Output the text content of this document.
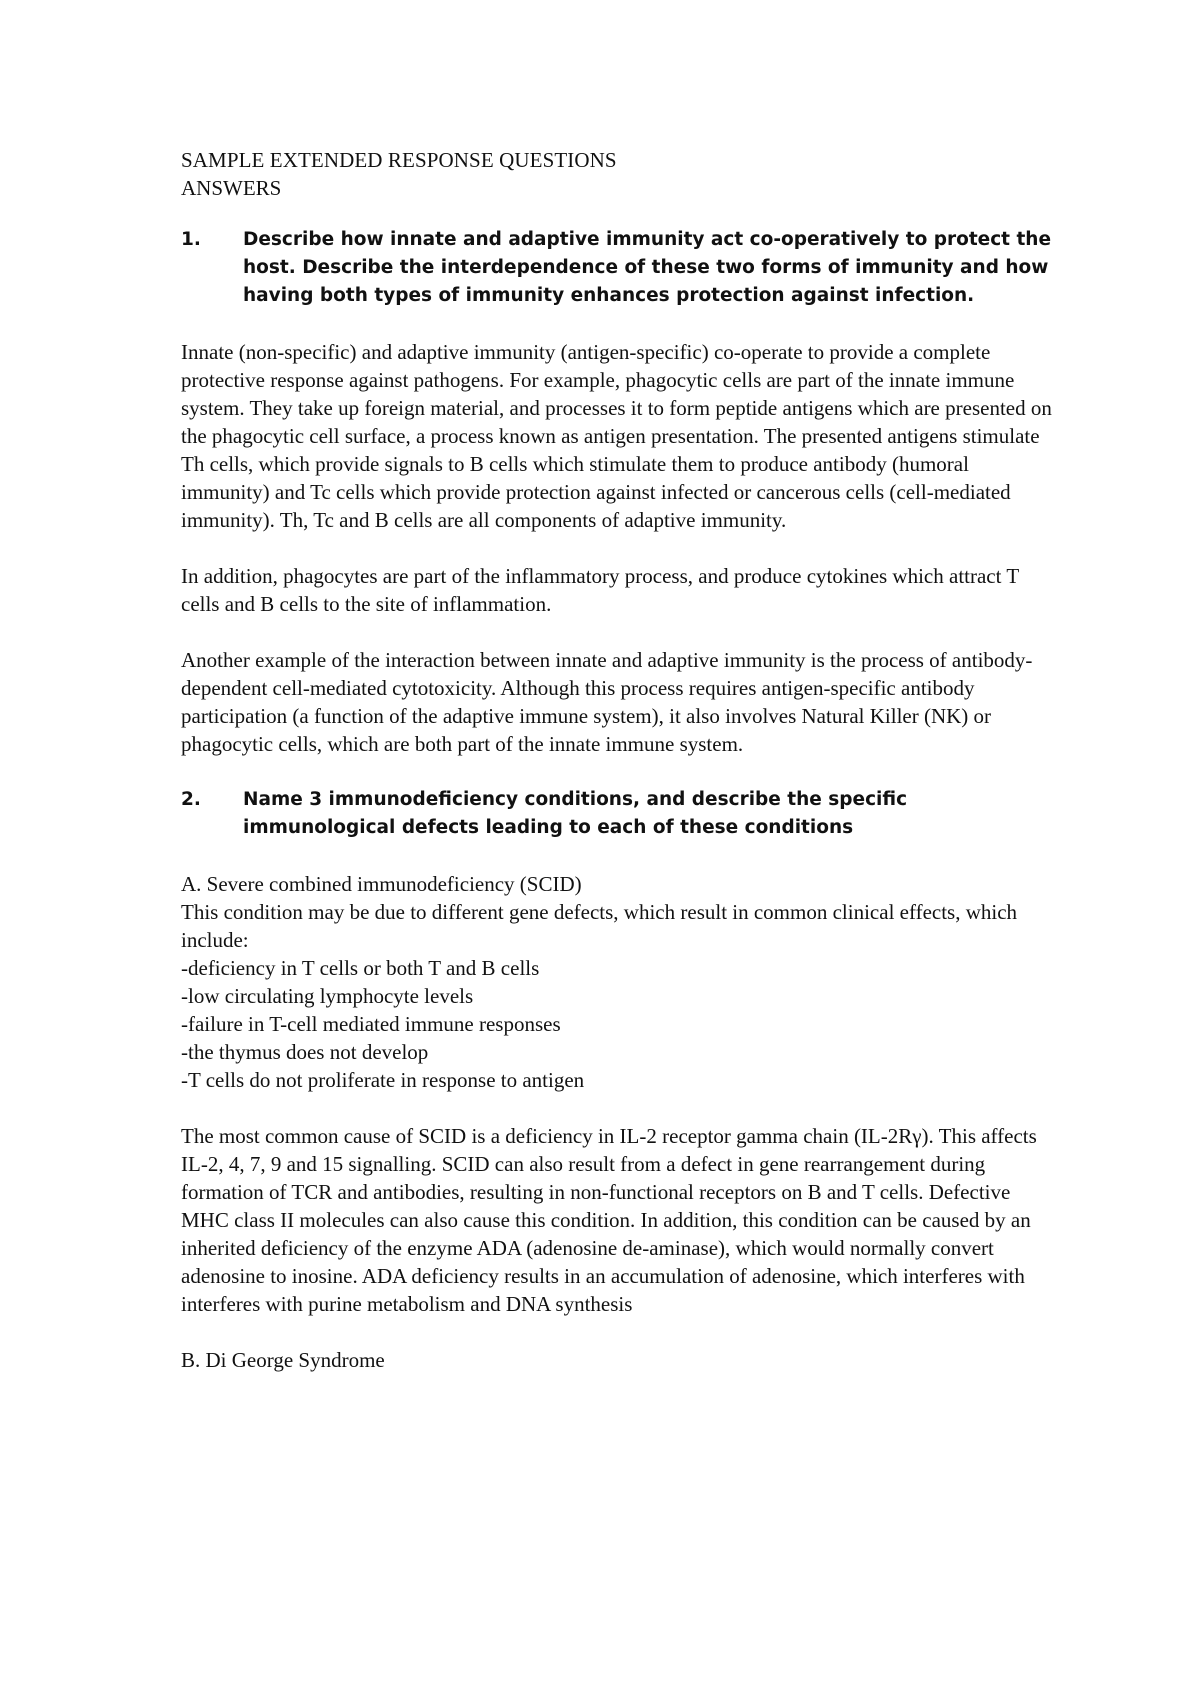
SAMPLE EXTENDED RESPONSE QUESTIONS
ANSWERS
1.	Describe how innate and adaptive immunity act co-operatively to protect the host. Describe the interdependence of these two forms of immunity and how having both types of immunity enhances protection against infection.

Innate (non-specific) and adaptive immunity (antigen-specific) co-operate to provide a complete protective response against pathogens. For example, phagocytic cells are part of the innate immune system. They take up foreign material, and processes it to form peptide antigens which are presented on the phagocytic cell surface, a process known as antigen presentation. The presented antigens stimulate Th cells, which provide signals to B cells which stimulate them to produce antibody (humoral immunity) and Tc cells which provide protection against infected or cancerous cells (cell-mediated immunity). Th, Tc and B cells are all components of adaptive immunity.

In addition, phagocytes are part of the inflammatory process, and produce cytokines which attract T cells and B cells to the site of inflammation.

Another example of the interaction between innate and adaptive immunity is the process of antibody-dependent cell-mediated cytotoxicity. Although this process requires antigen-specific antibody participation (a function of the adaptive immune system), it also involves Natural Killer (NK) or phagocytic cells, which are both part of the innate immune system.

2.	Name 3 immunodeficiency conditions, and describe the specific immunological defects leading to each of these conditions
A. Severe combined immunodeficiency (SCID)
This condition may be due to different gene defects, which result in common clinical effects, which include:
-deficiency in T cells or both T and B cells
-low circulating lymphocyte levels
-failure in T-cell mediated immune responses
-the thymus does not develop
-T cells do not proliferate in response to antigen

The most common cause of SCID is a deficiency in IL-2 receptor gamma chain (IL-2Rγ). This affects IL-2, 4, 7, 9 and 15 signalling. SCID can also result from a defect in gene rearrangement during formation of TCR and antibodies, resulting in non-functional receptors on B and T cells. Defective MHC class II molecules can also cause this condition. In addition, this condition can be caused by an inherited deficiency of the enzyme ADA (adenosine de-aminase), which would normally convert adenosine to inosine. ADA deficiency results in an accumulation of adenosine, which interferes with interferes with purine metabolism and DNA synthesis

B. Di George Syndrome
